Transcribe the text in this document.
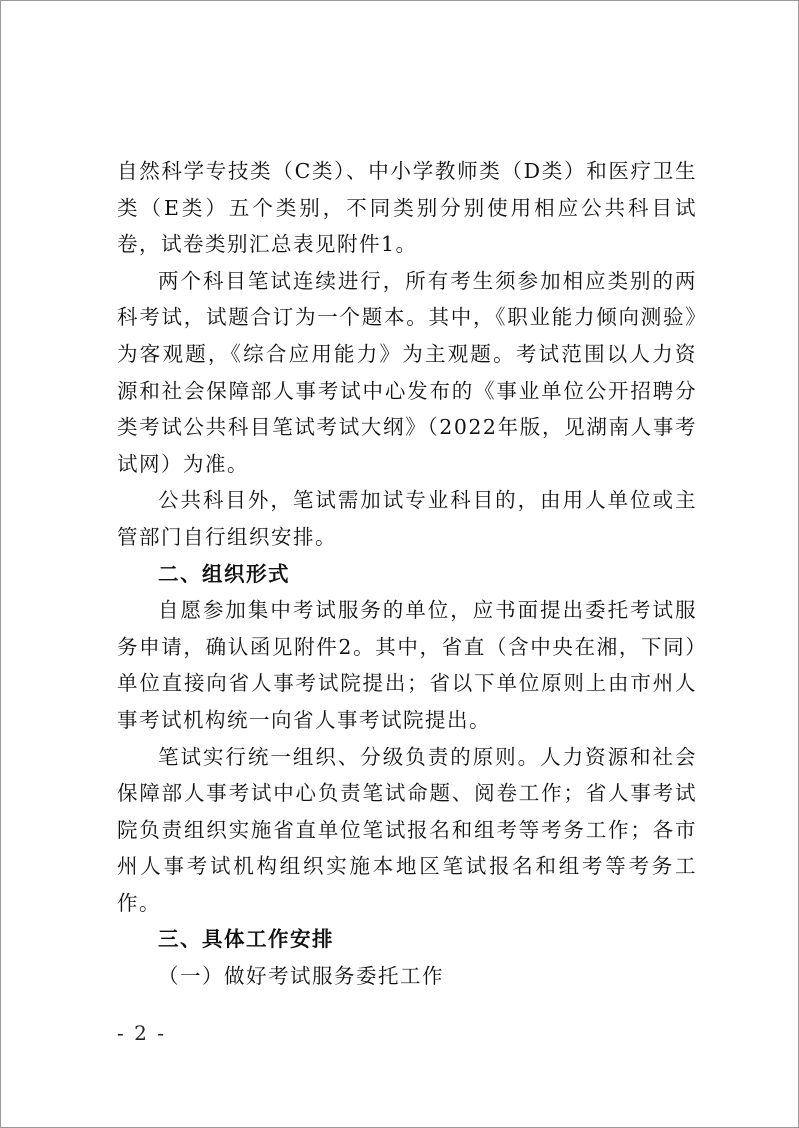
自然科学专技类（C类）、中小学教师类（D类）和医疗卫生类（E类）五个类别，不同类别分别使用相应公共科目试卷，试卷类别汇总表见附件1。

两个科目笔试连续进行，所有考生须参加相应类别的两科考试，试题合订为一个题本。其中，《职业能力倾向测验》为客观题，《综合应用能力》为主观题。考试范围以人力资源和社会保障部人事考试中心发布的《事业单位公开招聘分类考试公共科目笔试考试大纲》（2022年版，见湖南人事考试网）为准。

公共科目外，笔试需加试专业科目的，由用人单位或主管部门自行组织安排。

二、组织形式

自愿参加集中考试服务的单位，应书面提出委托考试服务申请，确认函见附件2。其中，省直（含中央在湘，下同）单位直接向省人事考试院提出；省以下单位原则上由市州人事考试机构统一向省人事考试院提出。

笔试实行统一组织、分级负责的原则。人力资源和社会保障部人事考试中心负责笔试命题、阅卷工作；省人事考试院负责组织实施省直单位笔试报名和组考等考务工作；各市州人事考试机构组织实施本地区笔试报名和组考等考务工作。

三、具体工作安排

（一）做好考试服务委托工作

- 2 -
